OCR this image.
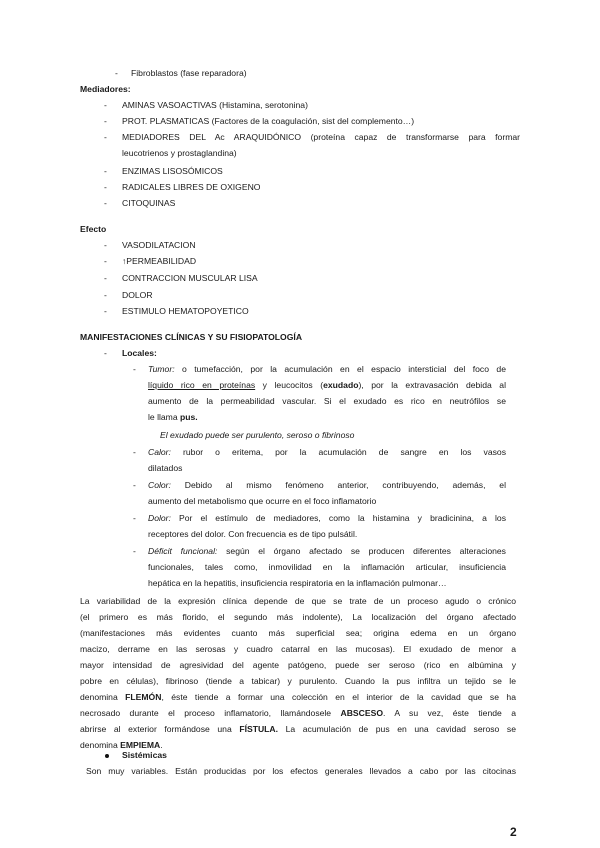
- Fibroblastos (fase reparadora)
Mediadores:
- AMINAS VASOACTIVAS (Histamina, serotonina)
- PROT. PLASMATICAS (Factores de la coagulación, sist del complemento…)
- MEDIADORES DEL Ac ARAQUIDÓNICO (proteína capaz de transformarse para formar
leucotrienos y prostaglandina)
- ENZIMAS LISOSÓMICOS
- RADICALES LIBRES DE OXIGENO
- CITOQUINAS
Efecto
- VASODILATACION
- ↑PERMEABILIDAD
- CONTRACCION MUSCULAR LISA
- DOLOR
- ESTIMULO HEMATOPOYETICO
MANIFESTACIONES CLÍNICAS Y SU FISIOPATOLOGÍA
- Locales:
- Tumor: o tumefacción, por la acumulación en el espacio intersticial del foco de
líquido rico en proteínas y leucocitos (exudado), por la extravasación debida al
aumento de la permeabilidad vascular. Si el exudado es rico en neutrófilos se
le llama pus.
El exudado puede ser purulento, seroso o fibrinoso
- Calor: rubor o eritema, por la acumulación de sangre en los vasos
dilatados
- Color: Debido al mismo fenómeno anterior, contribuyendo, además, el
aumento del metabolismo que ocurre en el foco inflamatorio
- Dolor: Por el estímulo de mediadores, como la histamina y bradicinina, a los
receptores del dolor. Con frecuencia es de tipo pulsátil.
- Déficit funcional: según el órgano afectado se producen diferentes alteraciones
funcionales, tales como, inmovilidad en la inflamación articular, insuficiencia
hepática en la hepatitis, insuficiencia respiratoria en la inflamación pulmonar…
La variabilidad de la expresión clínica depende de que se trate de un proceso agudo o crónico
(el primero es más florido, el segundo más indolente), La localización del órgano afectado
(manifestaciones más evidentes cuanto más superficial sea; origina edema en un órgano
macizo, derrame en las serosas y cuadro catarral en las mucosas). El exudado de menor a
mayor intensidad de agresividad del agente patógeno, puede ser seroso (rico en albúmina y
pobre en células), fibrinoso (tiende a tabicar) y purulento. Cuando la pus infiltra un tejido se le
denomina FLEMÓN, éste tiende a formar una colección en el interior de la cavidad que se ha
necrosado durante el proceso inflamatorio, llamándosele ABSCESO. A su vez, éste tiende a
abrirse al exterior formándose una FÍSTULA. La acumulación de pus en una cavidad seroso se
denomina EMPIEMA.
Sistémicas
Son muy variables. Están producidas por los efectos generales llevados a cabo por las citocinas
2
